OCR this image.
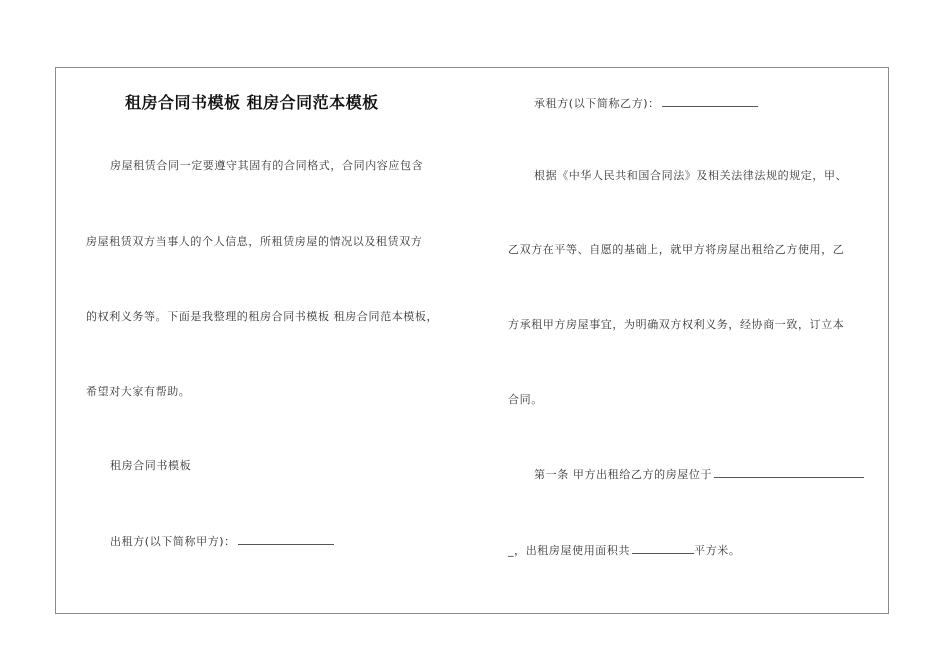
租房合同书模板 租房合同范本模板
房屋租赁合同一定要遵守其固有的合同格式，合同内容应包含
房屋租赁双方当事人的个人信息，所租赁房屋的情况以及租赁双方
的权利义务等。下面是我整理的租房合同书模板 租房合同范本模板，
希望对大家有帮助。
租房合同书模板
出租方(以下简称甲方)：
承租方(以下简称乙方)：
根据《中华人民共和国合同法》及相关法律法规的规定，甲、
乙双方在平等、自愿的基础上，就甲方将房屋出租给乙方使用，乙
方承租甲方房屋事宜，为明确双方权利义务，经协商一致，订立本
合同。
第一条 甲方出租给乙方的房屋位于
_，出租房屋使用面积共	平方米。
